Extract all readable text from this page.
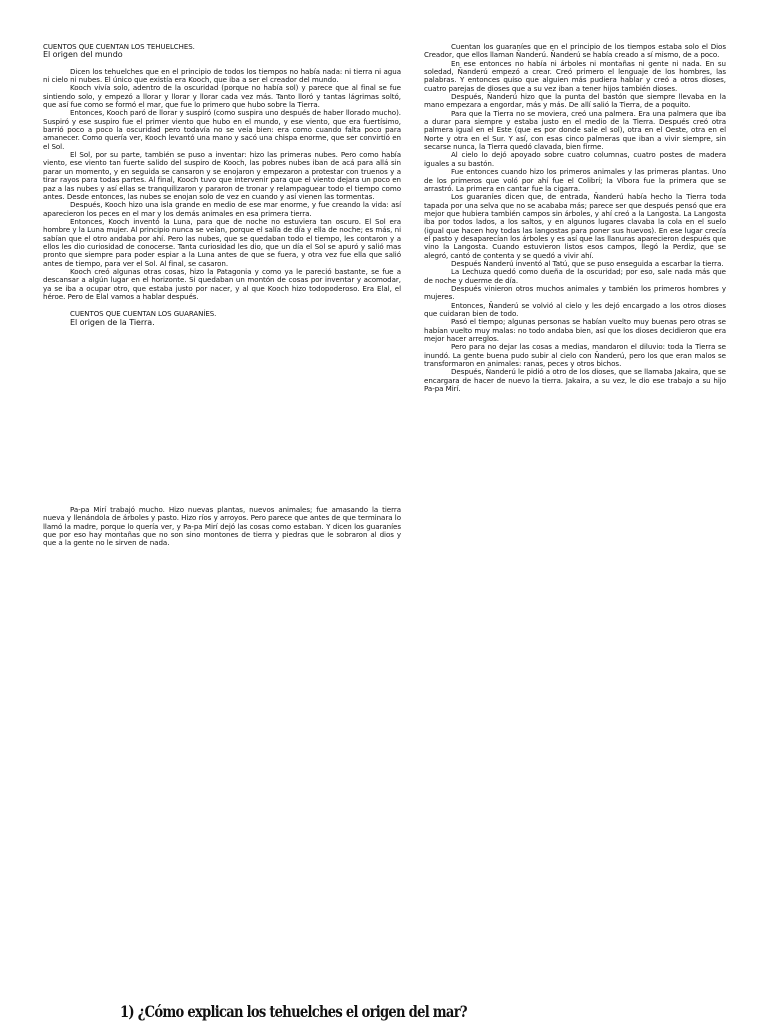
CUENTOS QUE CUENTAN LOS TEHUELCHES.
El origen del mundo

Dicen los tehuelches que en el principio de todos los tiempos no había nada: ni tierra ni agua ni cielo ni nubes. El único que existía era Kooch, que iba a ser el creador del mundo.

Kooch vivía solo, adentro de la oscuridad (porque no había sol) y parece que al final se fue sintiendo solo, y empezó a llorar y llorar y llorar cada vez más. Tanto lloró y tantas lágrimas soltó, que así fue como se formó el mar, que fue lo primero que hubo sobre la Tierra.

Entonces, Kooch paró de llorar y suspiró (como suspira uno después de haber llorado mucho). Suspiró y ese suspiro fue el primer viento que hubo en el mundo, y ese viento, que era fuertísimo, barrió poco a poco la oscuridad pero todavía no se veía bien: era como cuando falta poco para amanecer. Como quería ver, Kooch levantó una mano y sacó una chispa enorme, que ser convirtió en el Sol.

El Sol, por su parte, también se puso a inventar: hizo las primeras nubes. Pero como había viento, ese viento tan fuerte salido del suspiro de Kooch, las pobres nubes iban de acá para allá sin parar un momento, y en seguida se cansaron y se enojaron y empezaron a protestar con truenos y a tirar rayos para todas partes. Al final, Kooch tuvo que intervenir para que el viento dejara un poco en paz a las nubes y así ellas se tranquilizaron y pararon de tronar y relampaguear todo el tiempo como antes. Desde entonces, las nubes se enojan solo de vez en cuando y así vienen las tormentas.

Después, Kooch hizo una isla grande en medio de ese mar enorme, y fue creando la vida: así aparecieron los peces en el mar y los demás animales en esa primera tierra.

Entonces, Kooch inventó la Luna, para que de noche no estuviera tan oscuro. El Sol era hombre y la Luna mujer. Al principio nunca se veían, porque el salía de día y ella de noche; es más, ni sabían que el otro andaba por ahí. Pero las nubes, que se quedaban todo el tiempo, les contaron y a ellos les dio curiosidad de conocerse. Tanta curiosidad les dio, que un día el Sol se apuró y salió mas pronto que siempre para poder espiar a la Luna antes de que se fuera, y otra vez fue ella que salió antes de tiempo, para ver el Sol. Al final, se casaron.

Kooch creó algunas otras cosas, hizo la Patagonia y como ya le pareció bastante, se fue a descansar a algún lugar en el horizonte. Si quedaban un montón de cosas por inventar y acomodar, ya se iba a ocupar otro, que estaba justo por nacer, y al que Kooch hizo todopoderoso. Era Elal, el héroe. Pero de Elal vamos a hablar después.

CUENTOS QUE CUENTAN LOS GUARANÍES.
El origen de la Tierra.

Cuentan los guaraníes que en el principio de los tiempos estaba solo el Dios Creador, que ellos llaman Ñanderú. Ñanderú se había creado a sí mismo, de a poco.

En ese entonces no había ni árboles ni montañas ni gente ni nada. En su soledad, Ñanderú empezó a crear. Creó primero el lenguaje de los hombres, las palabras. Y entonces quiso que alguien más pudiera hablar y creó a otros dioses, cuatro parejas de dioses que a su vez iban a tener hijos también dioses.

Después, Ñanderú hizo que la punta del bastón que siempre llevaba en la mano empezara a engordar, más y más. De allí salió la Tierra, de a poquito.

Para que la Tierra no se moviera, creó una palmera. Era una palmera que iba a durar para siempre y estaba justo en el medio de la Tierra. Después creó otra palmera igual en el Este (que es por donde sale el sol), otra en el Oeste, otra en el Norte y otra en el Sur. Y así, con esas cinco palmeras que iban a vivir siempre, sin secarse nunca, la Tierra quedó clavada, bien firme.

Al cielo lo dejó apoyado sobre cuatro columnas, cuatro postes de madera iguales a su bastón.

Fue entonces cuando hizo los primeros animales y las primeras plantas. Uno de los primeros que voló por ahí fue el Colibrí; la Víbora fue la primera que se arrastró. La primera en cantar fue la cigarra.

Los guaraníes dicen que, de entrada, Ñanderú había hecho la Tierra toda tapada por una selva que no se acababa más; parece ser que después pensó que era mejor que hubiera también campos sin árboles, y ahí creó a la Langosta. La Langosta iba por todos lados, a los saltos, y en algunos lugares clavaba la cola en el suelo (igual que hacen hoy todas las langostas para poner sus huevos). En ese lugar crecía el pasto y desaparecían los árboles y es así que las llanuras aparecieron después que vino la Langosta. Cuando estuvieron listos esos campos, llegó la Perdiz, que se alegró, cantó de contenta y se quedó a vivir ahí.

Después Ñanderú inventó al Tatú, que se puso enseguida a escarbar la tierra.

La Lechuza quedó como dueña de la oscuridad; por eso, sale nada más que de noche y duerme de día.

Después vinieron otros muchos animales y también los primeros hombres y mujeres.

Entonces, Ñanderú se volvió al cielo y les dejó encargado a los otros dioses que cuidaran bien de todo.

Pasó el tiempo; algunas personas se habían vuelto muy buenas pero otras se habían vuelto muy malas: no todo andaba bien, así que los dioses decidieron que era mejor hacer arreglos.

Pero para no dejar las cosas a medias, mandaron el diluvio: toda la Tierra se inundó. La gente buena pudo subir al cielo con Ñanderú, pero los que eran malos se transformaron en animales: ranas, peces y otros bichos.

Después, Ñanderú le pidió a otro de los dioses, que se llamaba Jakaira, que se encargara de hacer de nuevo la tierra. Jakaira, a su vez, le dio ese trabajo a su hijo Pa-pa Mirí.

Pa-pa Mirí trabajó mucho. Hizo nuevas plantas, nuevos animales; fue amasando la tierra nueva y llenándola de árboles y pasto. Hizo ríos y arroyos. Pero parece que antes de que terminara lo llamó la madre, porque lo quería ver, y Pa-pa Mirí dejó las cosas como estaban. Y dicen los guaraníes que por eso hay montañas que no son sino montones de tierra y piedras que le sobraron al dios y que a la gente no le sirven de nada.

1) ¿Cómo explican los tehuelches el origen del mar?
